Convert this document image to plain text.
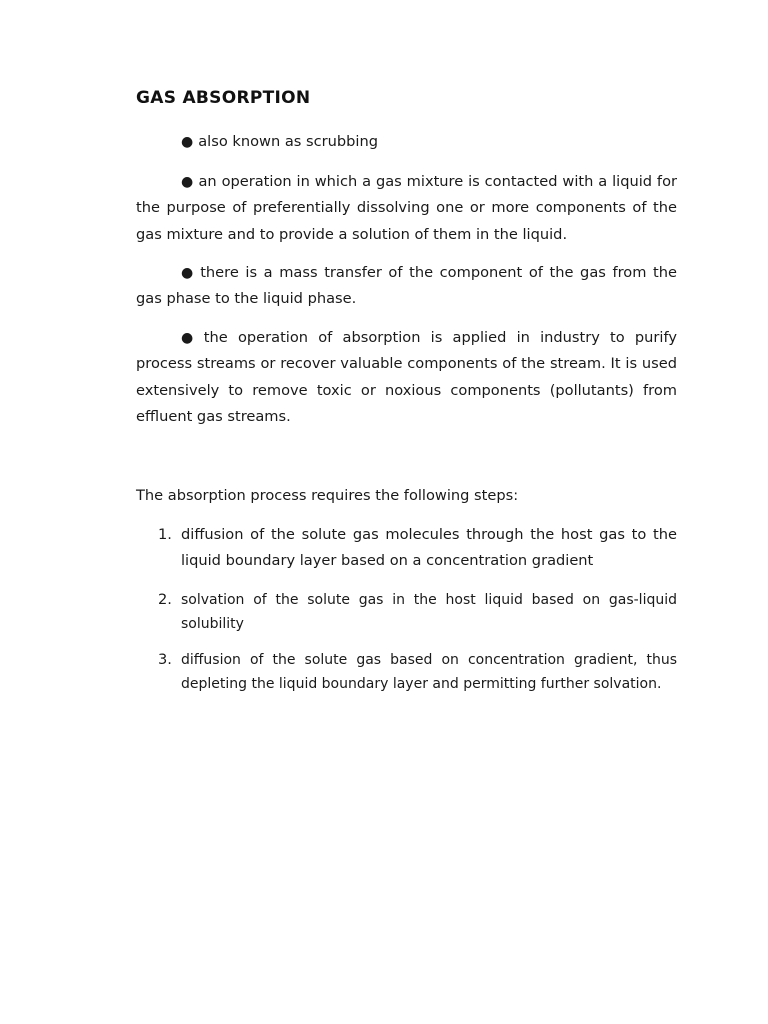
GAS ABSORPTION

● also known as scrubbing

● an operation in which a gas mixture is contacted with a liquid for the purpose of preferentially dissolving one or more components of the gas mixture and to provide a solution of them in the liquid.

● there is a mass transfer of the component of the gas from the gas phase to the liquid phase.

● the operation of absorption is applied in industry to purify process streams or recover valuable components of the stream. It is used extensively to remove toxic or noxious components (pollutants) from effluent gas streams.

The absorption process requires the following steps:

1. diffusion of the solute gas molecules through the host gas to the liquid boundary layer based on a concentration gradient

2. solvation of the solute gas in the host liquid based on gas-liquid solubility

3. diffusion of the solute gas based on concentration gradient, thus depleting the liquid boundary layer and permitting further solvation.
